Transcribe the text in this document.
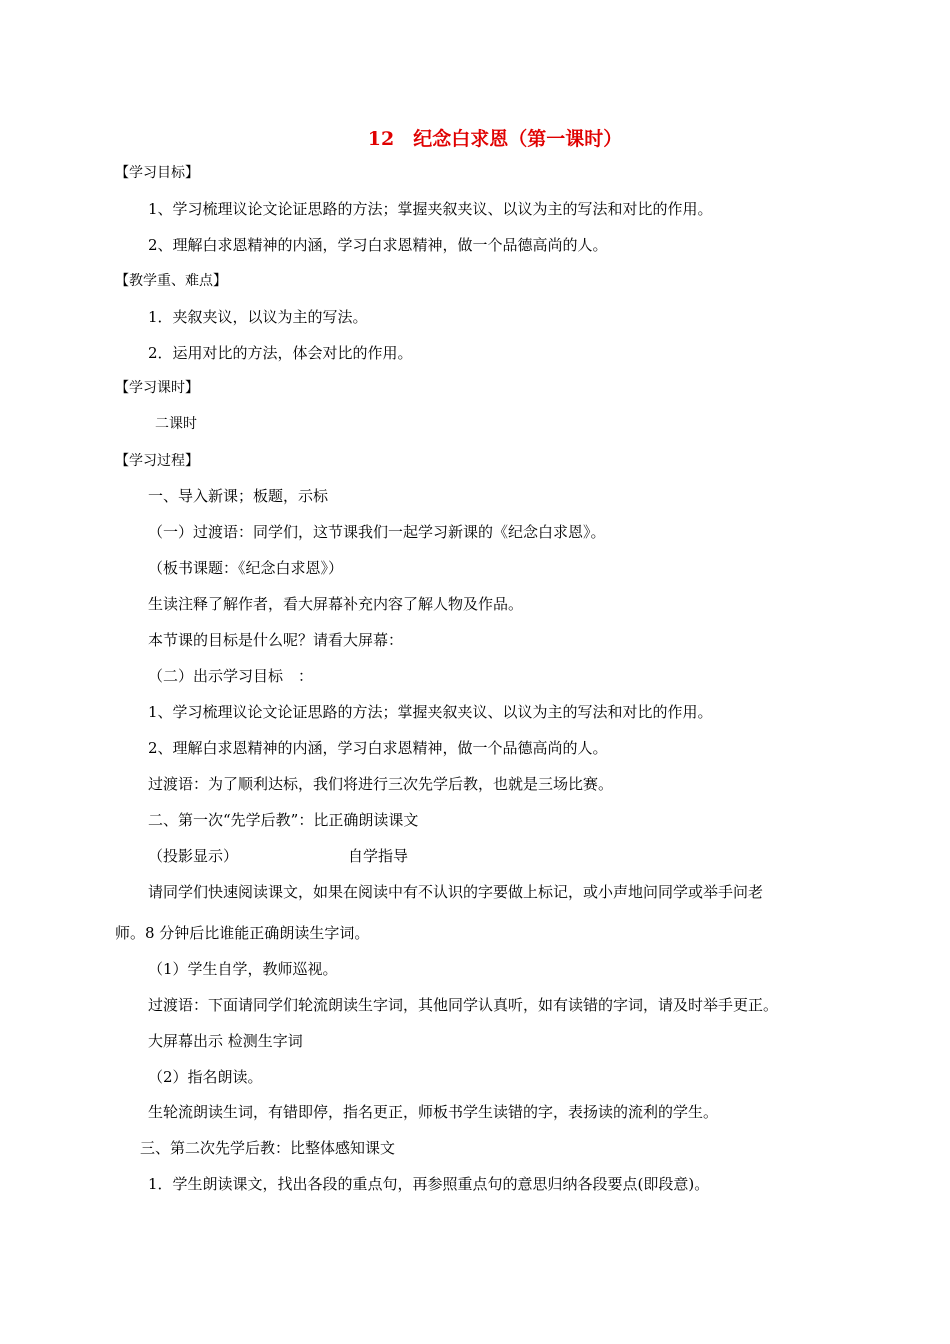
12　纪念白求恩（第一课时）
【学习目标】
1、学习梳理议论文论证思路的方法；掌握夹叙夹议、以议为主的写法和对比的作用。
2、理解白求恩精神的内涵，学习白求恩精神，做一个品德高尚的人。
【教学重、难点】
1．夹叙夹议，以议为主的写法。
2．运用对比的方法，体会对比的作用。
【学习课时】
二课时
【学习过程】
一、导入新课；板题，示标
（一）过渡语：同学们，这节课我们一起学习新课的《纪念白求恩》。
（板书课题：《纪念白求恩》）
生读注释了解作者，看大屏幕补充内容了解人物及作品。
本节课的目标是什么呢？请看大屏幕：
（二）出示学习目标　：
1、学习梳理议论文论证思路的方法；掌握夹叙夹议、以议为主的写法和对比的作用。
2、理解白求恩精神的内涵，学习白求恩精神，做一个品德高尚的人。
过渡语：为了顺利达标，我们将进行三次先学后教，也就是三场比赛。
二、第一次“先学后教”：比正确朗读课文
（投影显示）	自学指导
请同学们快速阅读课文，如果在阅读中有不认识的字要做上标记，或小声地问同学或举手问老
师。8 分钟后比谁能正确朗读生字词。
（1）学生自学，教师巡视。
过渡语：下面请同学们轮流朗读生字词，其他同学认真听，如有读错的字词，请及时举手更正。
大屏幕出示 检测生字词
（2）指名朗读。
生轮流朗读生词，有错即停，指名更正，师板书学生读错的字，表扬读的流利的学生。
三、第二次先学后教：比整体感知课文
1．学生朗读课文，找出各段的重点句，再参照重点句的意思归纳各段要点(即段意)。
